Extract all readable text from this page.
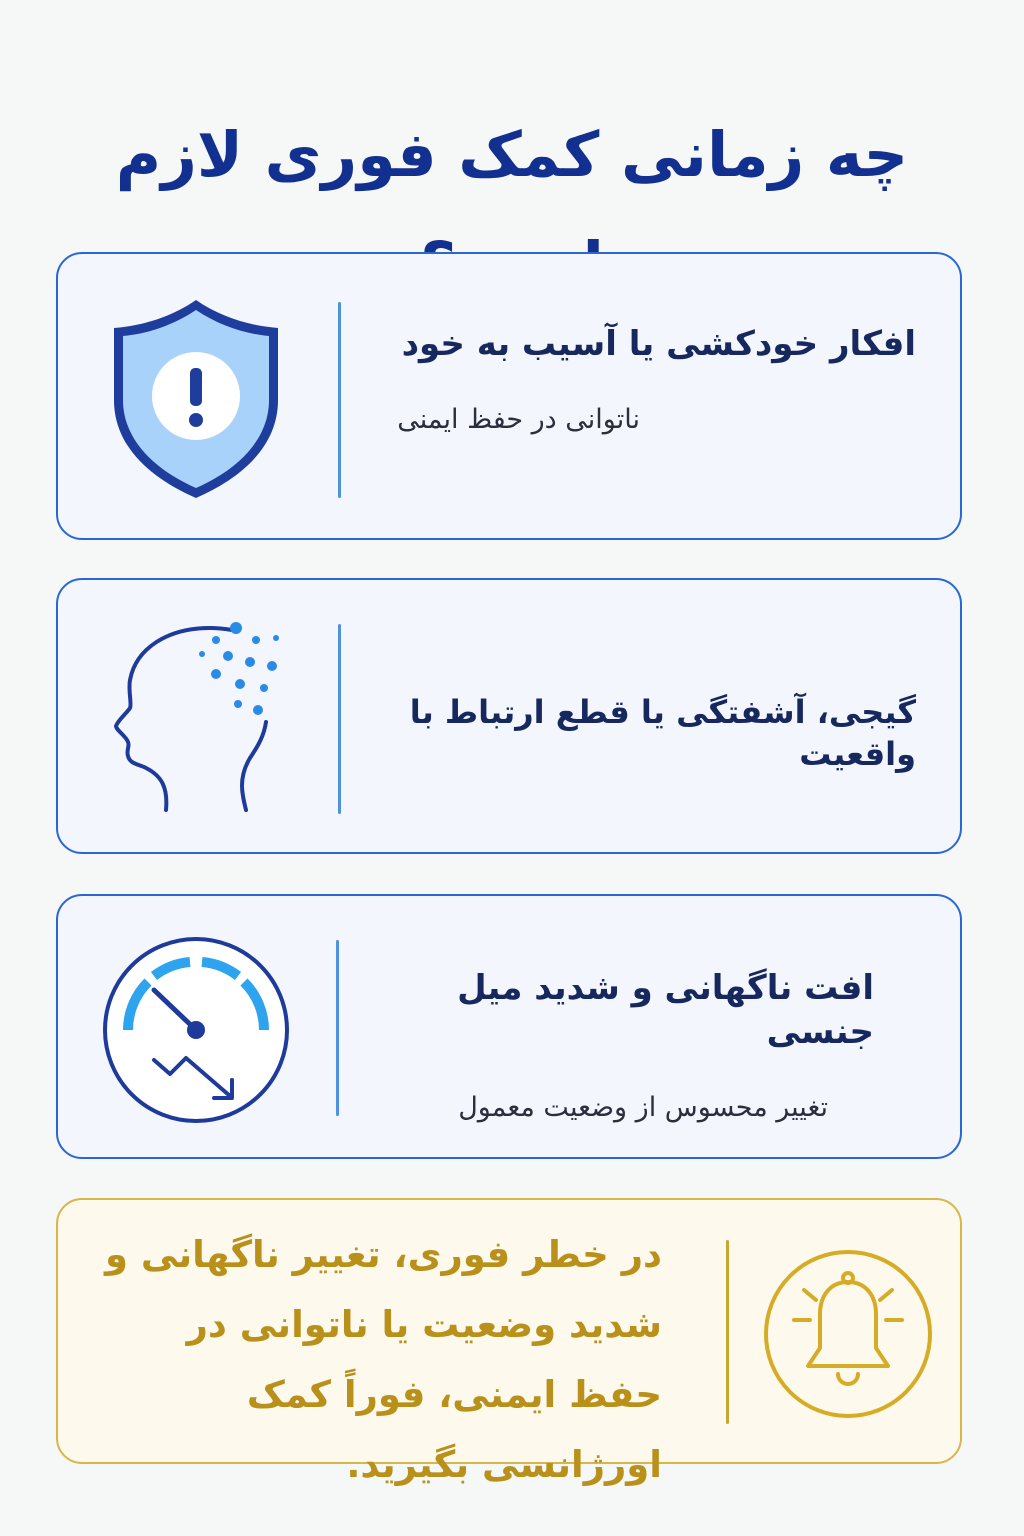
چه زمانی کمک فوری لازم

افکار خودکشی یا آسیب به خود

ناتوانی در حفظ ایمنی

گیجی، آشفتگی یا قطع ارتباط با واقعیت

افت ناگهانی و شدید میل جنسی

تغییر محسوس از وضعیت معمول

در خطر فوری، تغییر ناگهانی و شدید وضعیت یا ناتوانی در حفظ ایمنی، فوراً کمک اورژانسی بگیرید.
